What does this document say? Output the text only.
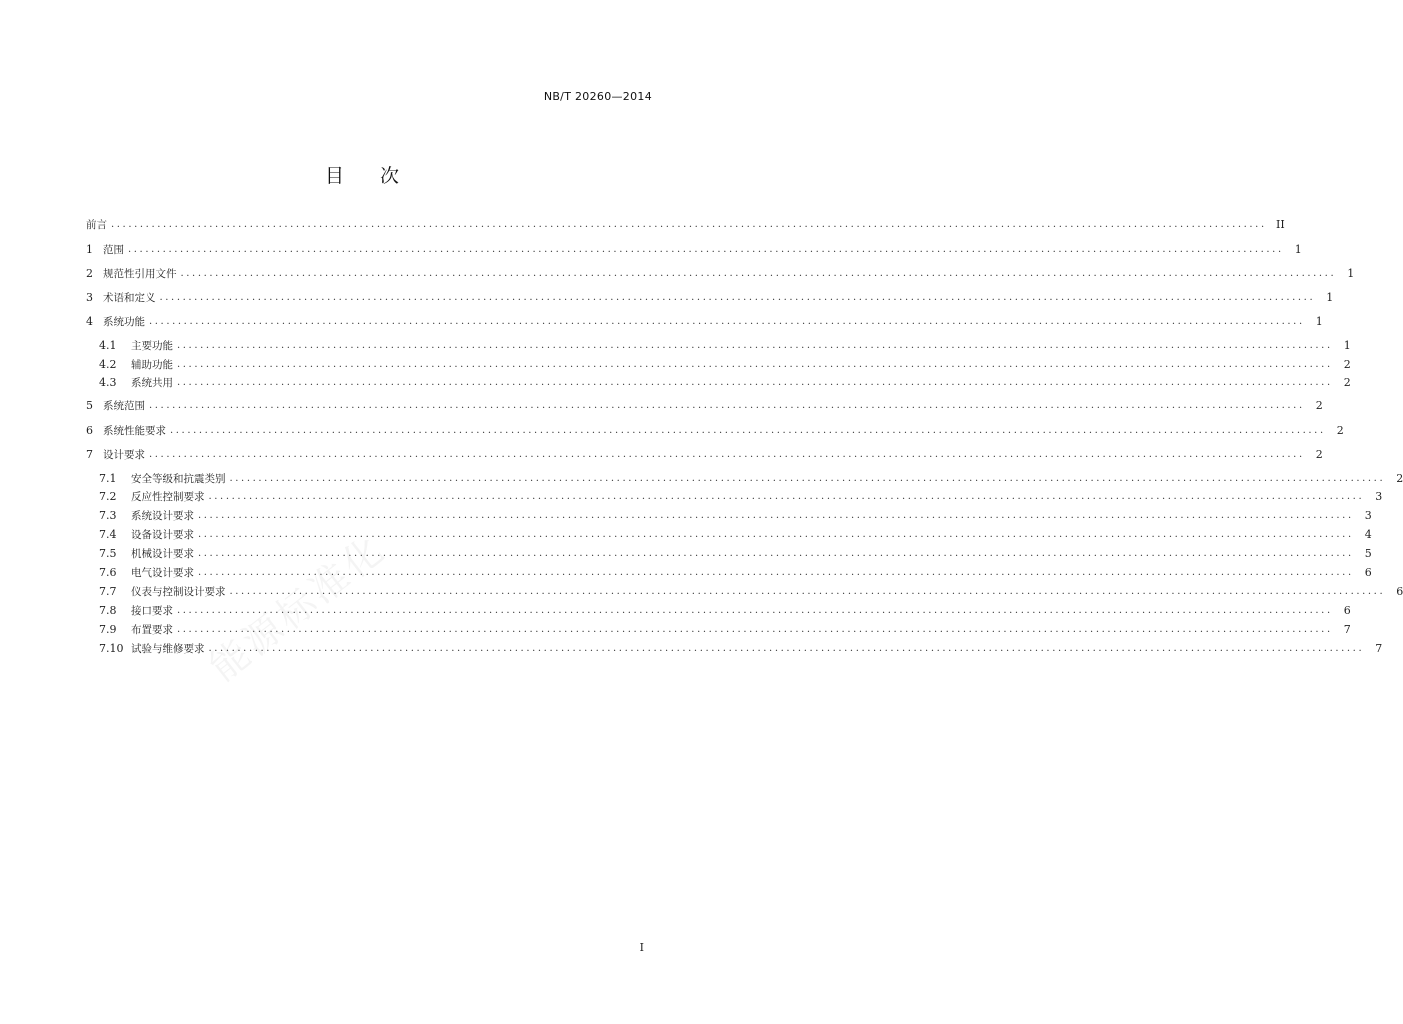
NB/T 20260—2014
目 次
前言 ........................................................................................................................................................................................................ II
1 范围 ........................................................................................................................................................................................................	1
2 规范性引用文件 ........................................................................................................................................................................................................	1
3 术语和定义 ........................................................................................................................................................................................................	1
4 系统功能 ........................................................................................................................................................................................................	1
4.1	主要功能 ........................................................................................................................................................................................................	1
4.2	辅助功能 ........................................................................................................................................................................................................	2
4.3	系统共用 ........................................................................................................................................................................................................	2
5 系统范围 ........................................................................................................................................................................................................	2
6 系统性能要求 ........................................................................................................................................................................................................	2
7 设计要求 ........................................................................................................................................................................................................	2
7.1	安全等级和抗震类别 ........................................................................................................................................................................................................	2
7.2	反应性控制要求 ........................................................................................................................................................................................................	3
7.3	系统设计要求 ........................................................................................................................................................................................................	3
7.4	设备设计要求 ........................................................................................................................................................................................................	4
7.5	机械设计要求 ........................................................................................................................................................................................................	5
7.6	电气设计要求 ........................................................................................................................................................................................................	6
7.7	仪表与控制设计要求 ........................................................................................................................................................................................................	6
7.8	接口要求 ........................................................................................................................................................................................................	6
7.9	布置要求 ........................................................................................................................................................................................................	7
7.10 试验与维修要求 ........................................................................................................................................................................................................	7
能源标准化
I
